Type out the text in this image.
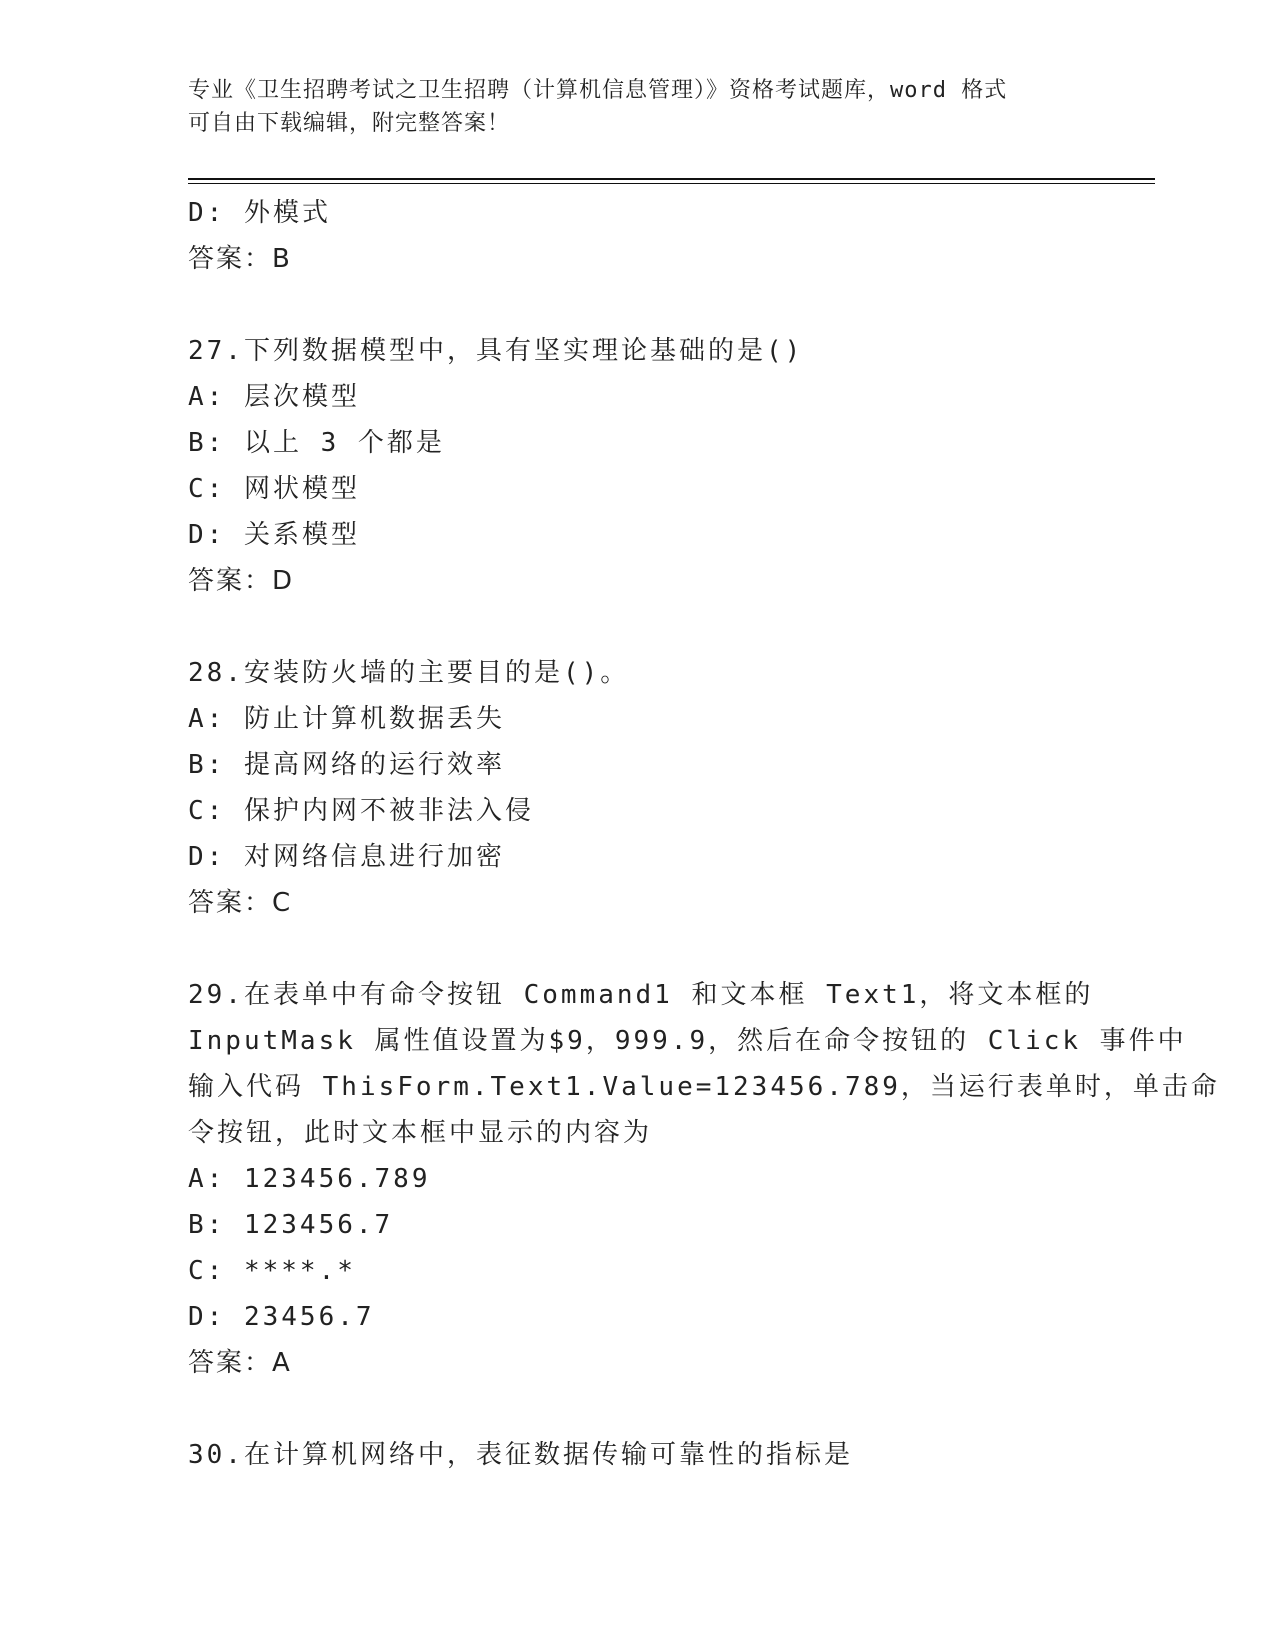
专业《卫生招聘考试之卫生招聘（计算机信息管理）》资格考试题库，word 格式
可自由下载编辑，附完整答案！
D: 外模式
答案：B
27.下列数据模型中，具有坚实理论基础的是()
A: 层次模型
B: 以上 3 个都是
C: 网状模型
D: 关系模型
答案：D
28.安装防火墙的主要目的是()。
A: 防止计算机数据丢失
B: 提高网络的运行效率
C: 保护内网不被非法入侵
D: 对网络信息进行加密
答案：C
29.在表单中有命令按钮 Command1 和文本框 Text1，将文本框的
InputMask 属性值设置为$9，999.9，然后在命令按钮的 Click 事件中
输入代码 ThisForm.Text1.Value=123456.789，当运行表单时，单击命
令按钮，此时文本框中显示的内容为
A: 123456.789
B: 123456.7
C: ****.*
D: 23456.7
答案：A
30.在计算机网络中，表征数据传输可靠性的指标是
